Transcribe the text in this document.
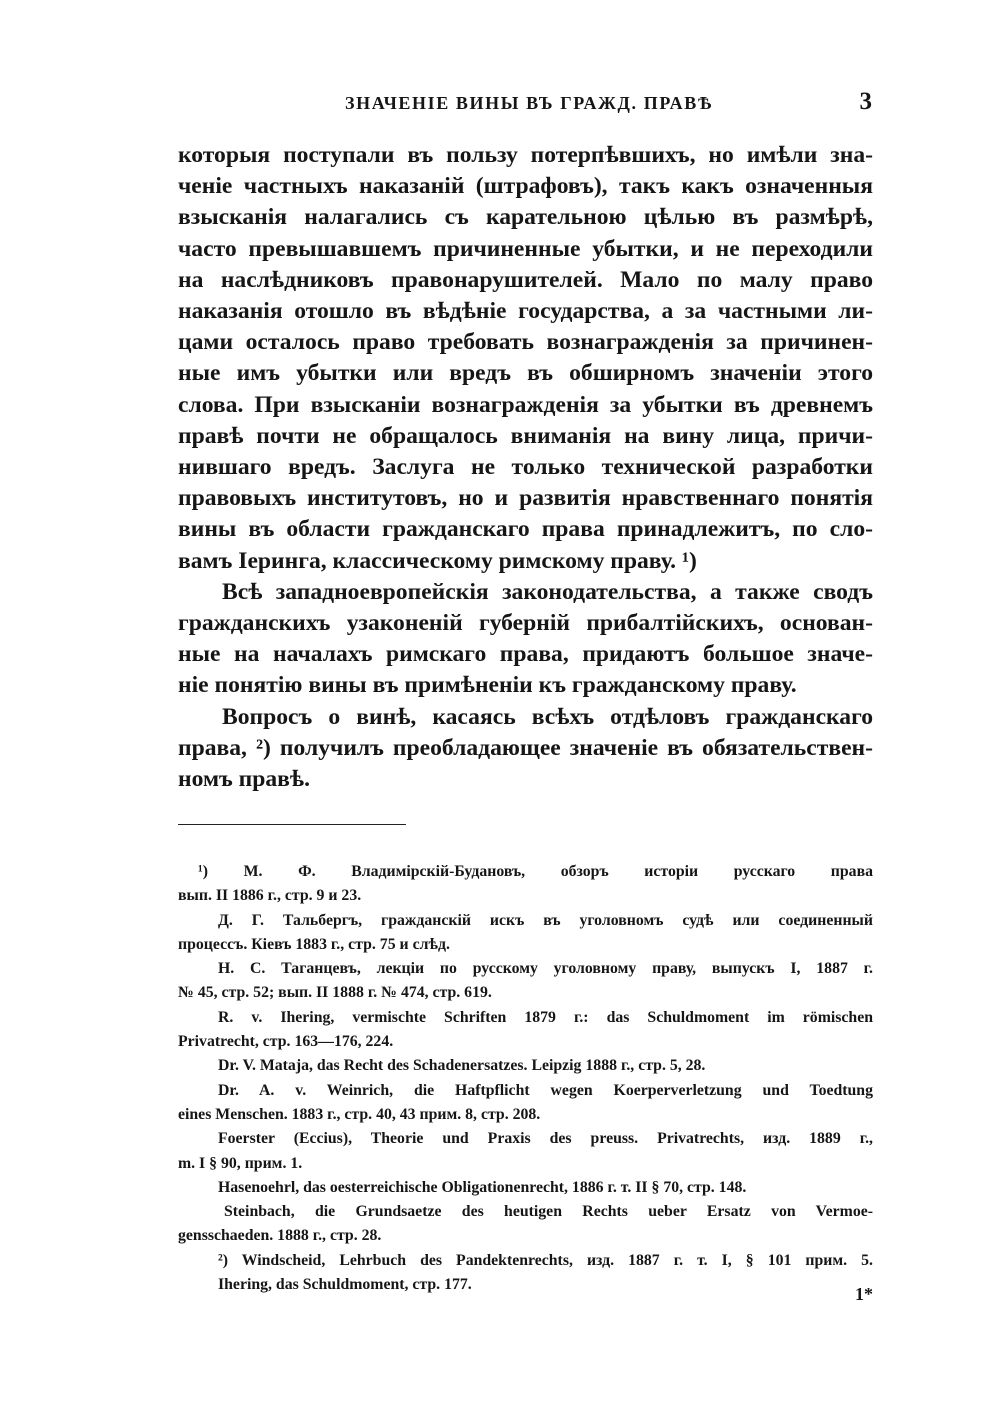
ЗНАЧЕНІЕ ВИНЫ ВЪ ГРАЖД. ПРАВѢ	3

которыя поступали въ пользу потерпѣвшихъ, но имѣли зна-
ченіе частныхъ наказаній (штрафовъ), такъ какъ означенныя
взысканія налагались съ карательною цѣлью въ размѣрѣ,
часто превышавшемъ причиненные убытки, и не переходили
на наслѣдниковъ правонарушителей. Мало по малу право
наказанія отошло въ вѣдѣніе государства, а за частными ли-
цами осталось право требовать вознагражденія за причинен-
ные имъ убытки или вредъ въ обширномъ значеніи этого
слова. При взысканіи вознагражденія за убытки въ древнемъ
правѣ почти не обращалось вниманія на вину лица, причи-
нившаго вредъ. Заслуга не только технической разработки
правовыхъ институтовъ, но и развитія нравственнаго понятія
вины въ области гражданскаго права принадлежитъ, по сло-
вамъ Іеринга, классическому римскому праву. ¹)

Всѣ западноевропейскія законодательства, а также сводъ
гражданскихъ узаконеній губерній прибалтійскихъ, основан-
ные на началахъ римскаго права, придаютъ большое значе-
ніе понятію вины въ примѣненіи къ гражданскому праву.

Вопросъ о винѣ, касаясь всѣхъ отдѣловъ гражданскаго
права, ²) получилъ преобладающее значеніе въ обязательствен-
номъ правѣ.

¹) М. Ф. Владимірскій-Будановъ, обзоръ исторіи русскаго права
вып. II 1886 г., стр. 9 и 23.

Д. Г. Тальбергъ, гражданскій искъ въ уголовномъ судѣ или соединенный
процессъ. Кіевъ 1883 г., стр. 75 и слѣд.

Н. С. Таганцевъ, лекціи по русскому уголовному праву, выпускъ I, 1887 г.
№ 45, стр. 52; вып. II 1888 г. № 474, стр. 619.

R. v. Ihering, vermischte Schriften 1879 г.: das Schuldmoment im römischen
Privatrecht, стр. 163—176, 224.

Dr. V. Mataja, das Recht des Schadenersatzes. Leipzig 1888 г., стр. 5, 28.

Dr. A. v. Weinrich, die Haftpflicht wegen Koerperverletzung und Toedtung
eines Menschen. 1883 г., стр. 40, 43 прим. 8, стр. 208.

Foerster (Eccius), Theorie und Praxis des preuss. Privatrechts, изд. 1889 г.,
m. I § 90, прим. 1.

Hasenoehrl, das oesterreichische Obligationenrecht, 1886 г. т. II § 70, стр. 148.

Steinbach, die Grundsaetze des heutigen Rechts ueber Ersatz von Vermoe-
gensschaeden. 1888 г., стр. 28.

²) Windscheid, Lehrbuch des Pandektenrechts, изд. 1887 г. т. I, § 101 прим. 5.
Ihering, das Schuldmoment, стр. 177.	1*
